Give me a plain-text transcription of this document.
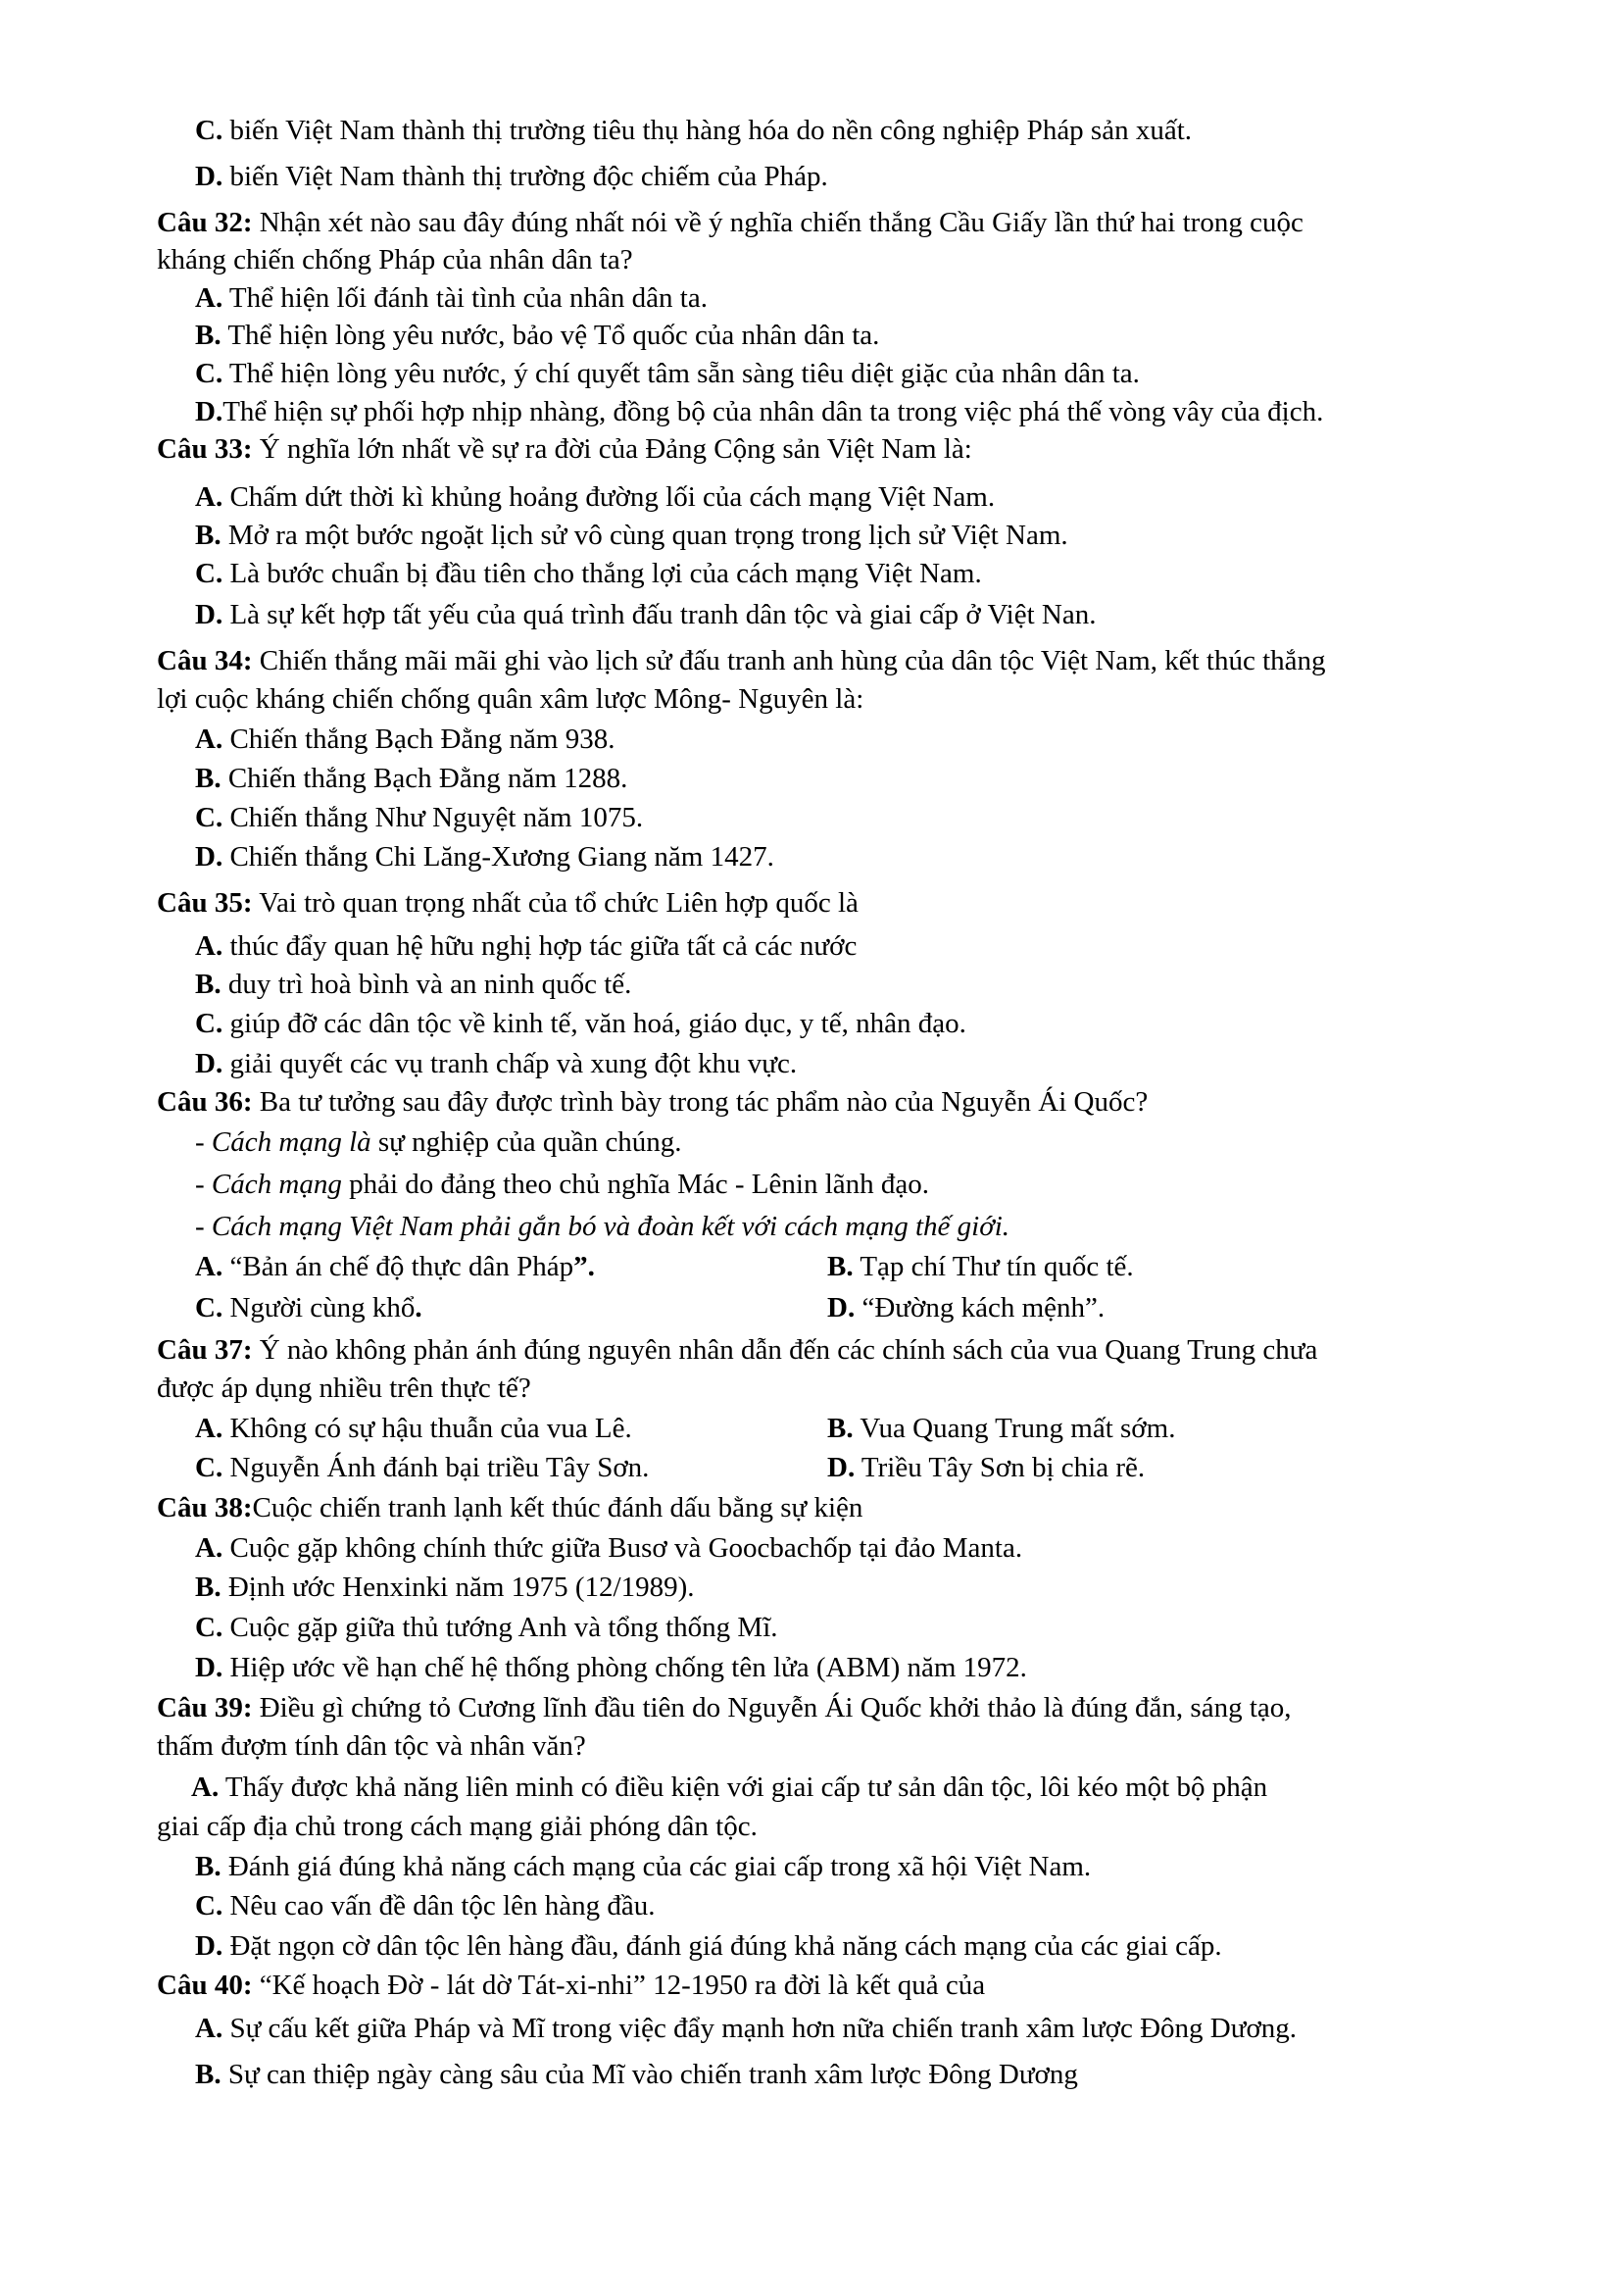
C. biến Việt Nam thành thị trường tiêu thụ hàng hóa do nền công nghiệp Pháp sản xuất.

D. biến Việt Nam thành thị trường độc chiếm của Pháp.

Câu 32: Nhận xét nào sau đây đúng nhất nói về ý nghĩa chiến thắng Cầu Giấy lần thứ hai trong cuộc

kháng chiến chống Pháp của nhân dân ta?

A. Thể hiện lối đánh tài tình của nhân dân ta.

B. Thể hiện lòng yêu nước, bảo vệ Tổ quốc của nhân dân ta.

C. Thể hiện lòng yêu nước, ý chí quyết tâm sẵn sàng tiêu diệt giặc của nhân dân ta.

D.Thể hiện sự phối hợp nhịp nhàng, đồng bộ của nhân dân ta trong việc phá thế vòng vây của địch.

Câu 33: Ý nghĩa lớn nhất về sự ra đời của Đảng Cộng sản Việt Nam là:

A. Chấm dứt thời kì khủng hoảng đường lối của cách mạng Việt Nam.

B. Mở ra một bước ngoặt lịch sử vô cùng quan trọng trong lịch sử Việt Nam.

C. Là bước chuẩn bị đầu tiên cho thắng lợi của cách mạng Việt Nam.

D. Là sự kết hợp tất yếu của quá trình đấu tranh dân tộc và giai cấp ở Việt Nan.

Câu 34: Chiến thắng mãi mãi ghi vào lịch sử đấu tranh anh hùng của dân tộc Việt Nam, kết thúc thắng

lợi cuộc kháng chiến chống quân xâm lược Mông- Nguyên là:

A. Chiến thắng Bạch Đằng năm 938.

B. Chiến thắng Bạch Đằng năm 1288.

C. Chiến thắng Như Nguyệt năm 1075.

D. Chiến thắng Chi Lăng-Xương Giang năm 1427.

Câu 35: Vai trò quan trọng nhất của tổ chức Liên hợp quốc là

A. thúc đẩy quan hệ hữu nghị hợp tác giữa tất cả các nước

B. duy trì hoà bình và an ninh quốc tế.

C. giúp đỡ các dân tộc về kinh tế, văn hoá, giáo dục, y tế, nhân đạo.

D. giải quyết các vụ tranh chấp và xung đột khu vực.

Câu 36: Ba tư tưởng sau đây được trình bày trong tác phẩm nào của Nguyễn Ái Quốc?

- Cách mạng là sự nghiệp của quần chúng.

- Cách mạng phải do đảng theo chủ nghĩa Mác - Lênin lãnh đạo.

- Cách mạng Việt Nam phải gắn bó và đoàn kết với cách mạng thế giới.

A. “Bản án chế độ thực dân Pháp”.	B. Tạp chí Thư tín quốc tế.

C. Người cùng khổ.	D. “Đường kách mệnh”.

Câu 37: Ý nào không phản ánh đúng nguyên nhân dẫn đến các chính sách của vua Quang Trung chưa

được áp dụng nhiều trên thực tế?

A. Không có sự hậu thuẫn của vua Lê.	B. Vua Quang Trung mất sớm.

C. Nguyễn Ánh đánh bại triều Tây Sơn.	D. Triều Tây Sơn bị chia rẽ.

Câu 38:Cuộc chiến tranh lạnh kết thúc đánh dấu bằng sự kiện

A. Cuộc gặp không chính thức giữa Busơ và Goocbachốp tại đảo Manta.

B. Định ước Henxinki năm 1975 (12/1989).

C. Cuộc gặp giữa thủ tướng Anh và tổng thống Mĩ.

D. Hiệp ước về hạn chế hệ thống phòng chống tên lửa (ABM) năm 1972.

Câu 39: Điều gì chứng tỏ Cương lĩnh đầu tiên do Nguyễn Ái Quốc khởi thảo là đúng đắn, sáng tạo,

thấm đượm tính dân tộc và nhân văn?

A. Thấy được khả năng liên minh có điều kiện với giai cấp tư sản dân tộc, lôi kéo một bộ phận

giai cấp địa chủ trong cách mạng giải phóng dân tộc.

B. Đánh giá đúng khả năng cách mạng của các giai cấp trong xã hội Việt Nam.

C. Nêu cao vấn đề dân tộc lên hàng đầu.

D. Đặt ngọn cờ dân tộc lên hàng đầu, đánh giá đúng khả năng cách mạng của các giai cấp.

Câu 40: “Kế hoạch Đờ - lát dờ Tát-xi-nhi” 12-1950 ra đời là kết quả của

A. Sự cấu kết giữa Pháp và Mĩ trong việc đẩy mạnh hơn nữa chiến tranh xâm lược Đông Dương.

B. Sự can thiệp ngày càng sâu của Mĩ vào chiến tranh xâm lược Đông Dương
